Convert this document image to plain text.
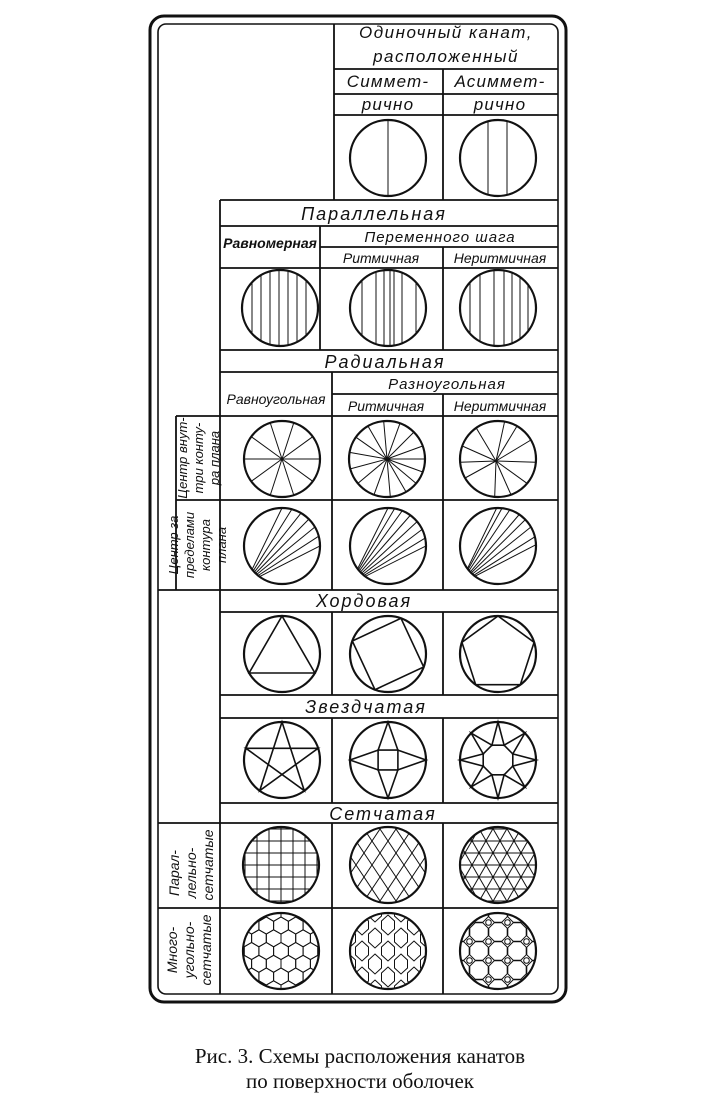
Одиночный канат,
расположенный
Симмет-
рично
Асиммет-
рично
Параллельная
Равномерная	Переменного шага
Ритмичная Неритмичная
Радиальная
Равноугольная
Разноугольная
Ритмичная Неритмичная
Хордовая
Звездчатая
Сетчатая
Центр внут- три конту- ра плана
Центр за пределами контура плана
Парал- лельно- сетчатые
Много- угольно- сетчатые
Рис. 3. Схемы расположения канатов
по поверхности оболочек
